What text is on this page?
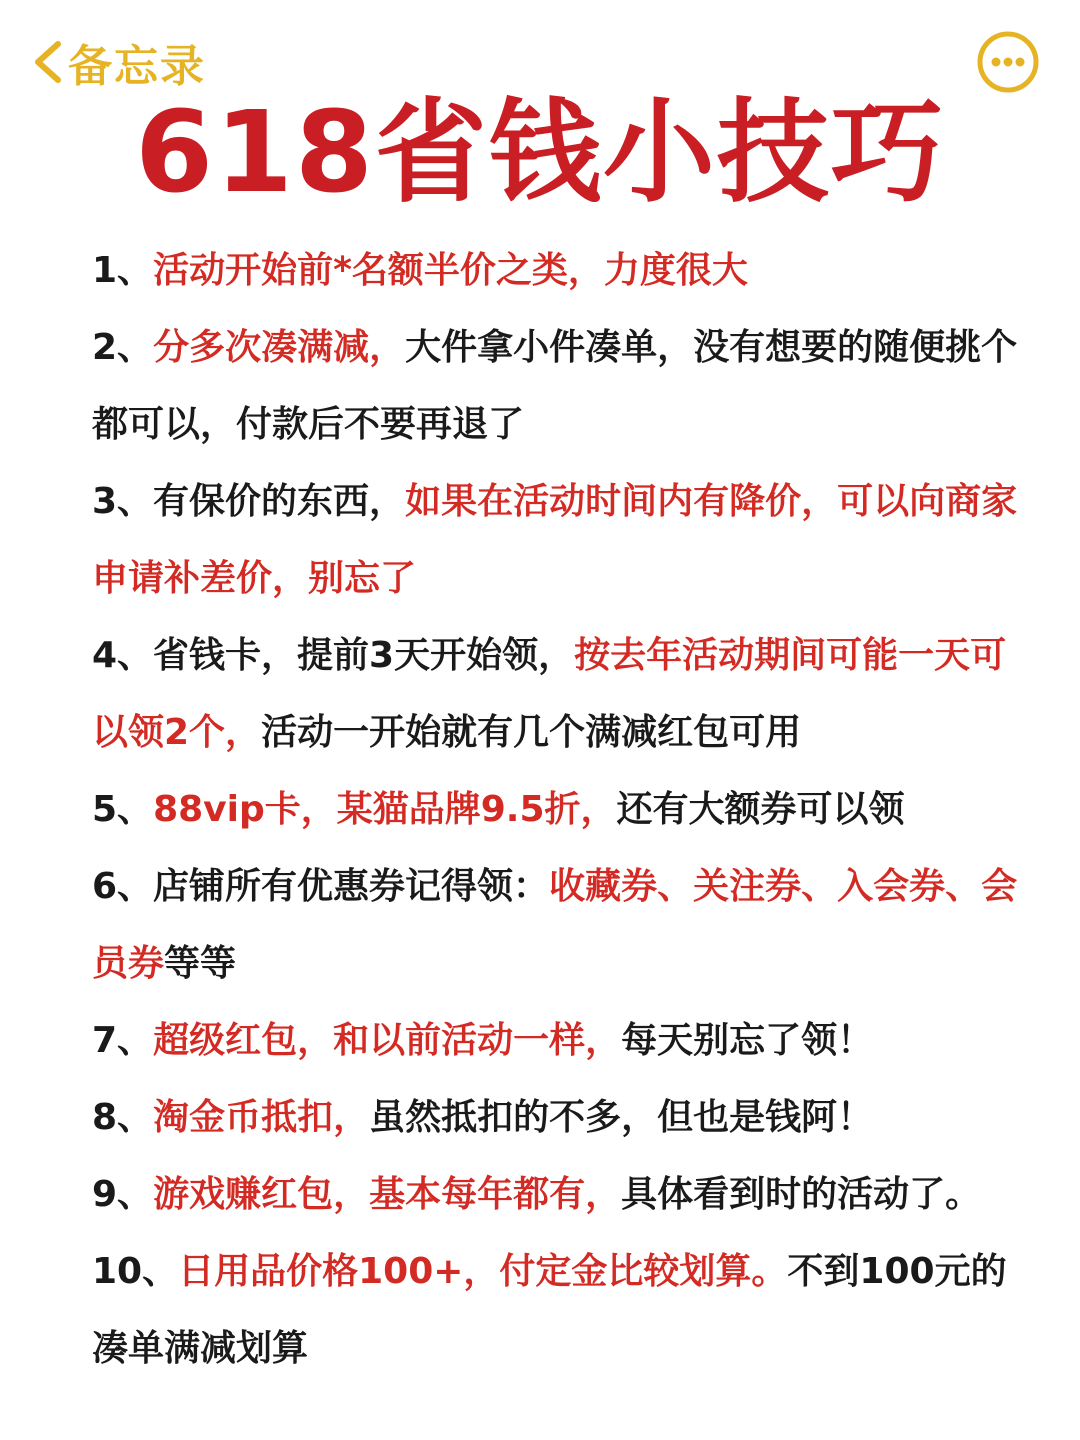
备忘录
618省钱小技巧
1、活动开始前*名额半价之类，力度很大
2、分多次凑满减，大件拿小件凑单，没有想要的随便挑个都可以，付款后不要再退了
3、有保价的东西，如果在活动时间内有降价，可以向商家申请补差价，别忘了
4、省钱卡，提前3天开始领，按去年活动期间可能一天可以领2个，活动一开始就有几个满减红包可用
5、88vip卡，某猫品牌9.5折，还有大额券可以领
6、店铺所有优惠券记得领：收藏券、关注券、入会券、会员券等等
7、超级红包，和以前活动一样，每天别忘了领！
8、淘金币抵扣，虽然抵扣的不多，但也是钱阿！
9、游戏赚红包，基本每年都有，具体看到时的活动了。
10、日用品价格100+，付定金比较划算。不到100元的凑单满减划算
